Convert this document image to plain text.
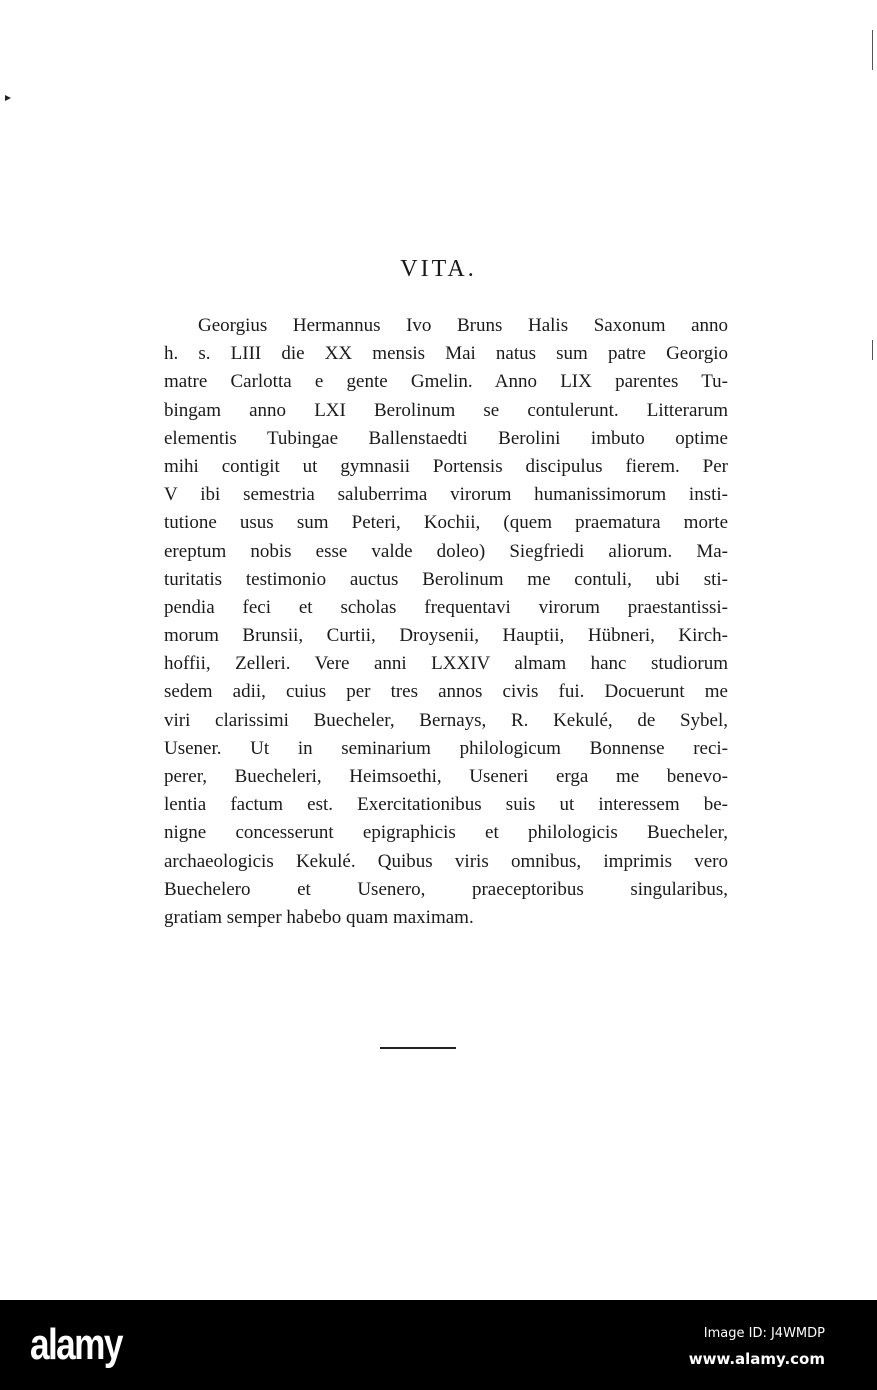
VITA.
Georgius Hermannus Ivo Bruns Halis Saxonum anno
h. s. LIII die XX mensis Mai natus sum patre Georgio
matre Carlotta e gente Gmelin. Anno LIX parentes Tu-
bingam anno LXI Berolinum se contulerunt. Litterarum
elementis Tubingae Ballenstaedti Berolini imbuto optime
mihi contigit ut gymnasii Portensis discipulus fierem. Per
V ibi semestria saluberrima virorum humanissimorum insti-
tutione usus sum Peteri, Kochii, (quem praematura morte
ereptum nobis esse valde doleo) Siegfriedi aliorum. Ma-
turitatis testimonio auctus Berolinum me contuli, ubi sti-
pendia feci et scholas frequentavi virorum praestantissi-
morum Brunsii, Curtii, Droysenii, Hauptii, Hübneri, Kirch-
hoffii, Zelleri. Vere anni LXXIV almam hanc studiorum
sedem adii, cuius per tres annos civis fui. Docuerunt me
viri clarissimi Buecheler, Bernays, R. Kekulé, de Sybel,
Usener. Ut in seminarium philologicum Bonnense reci-
perer, Buecheleri, Heimsoethi, Useneri erga me benevo-
lentia factum est. Exercitationibus suis ut interessem be-
nigne concesserunt epigraphicis et philologicis Buecheler,
archaeologicis Kekulé. Quibus viris omnibus, imprimis vero
Buechelero et Usenero, praeceptoribus singularibus,
gratiam semper habebo quam maximam.
alamy	Image ID: J4WMDP
www.alamy.com
